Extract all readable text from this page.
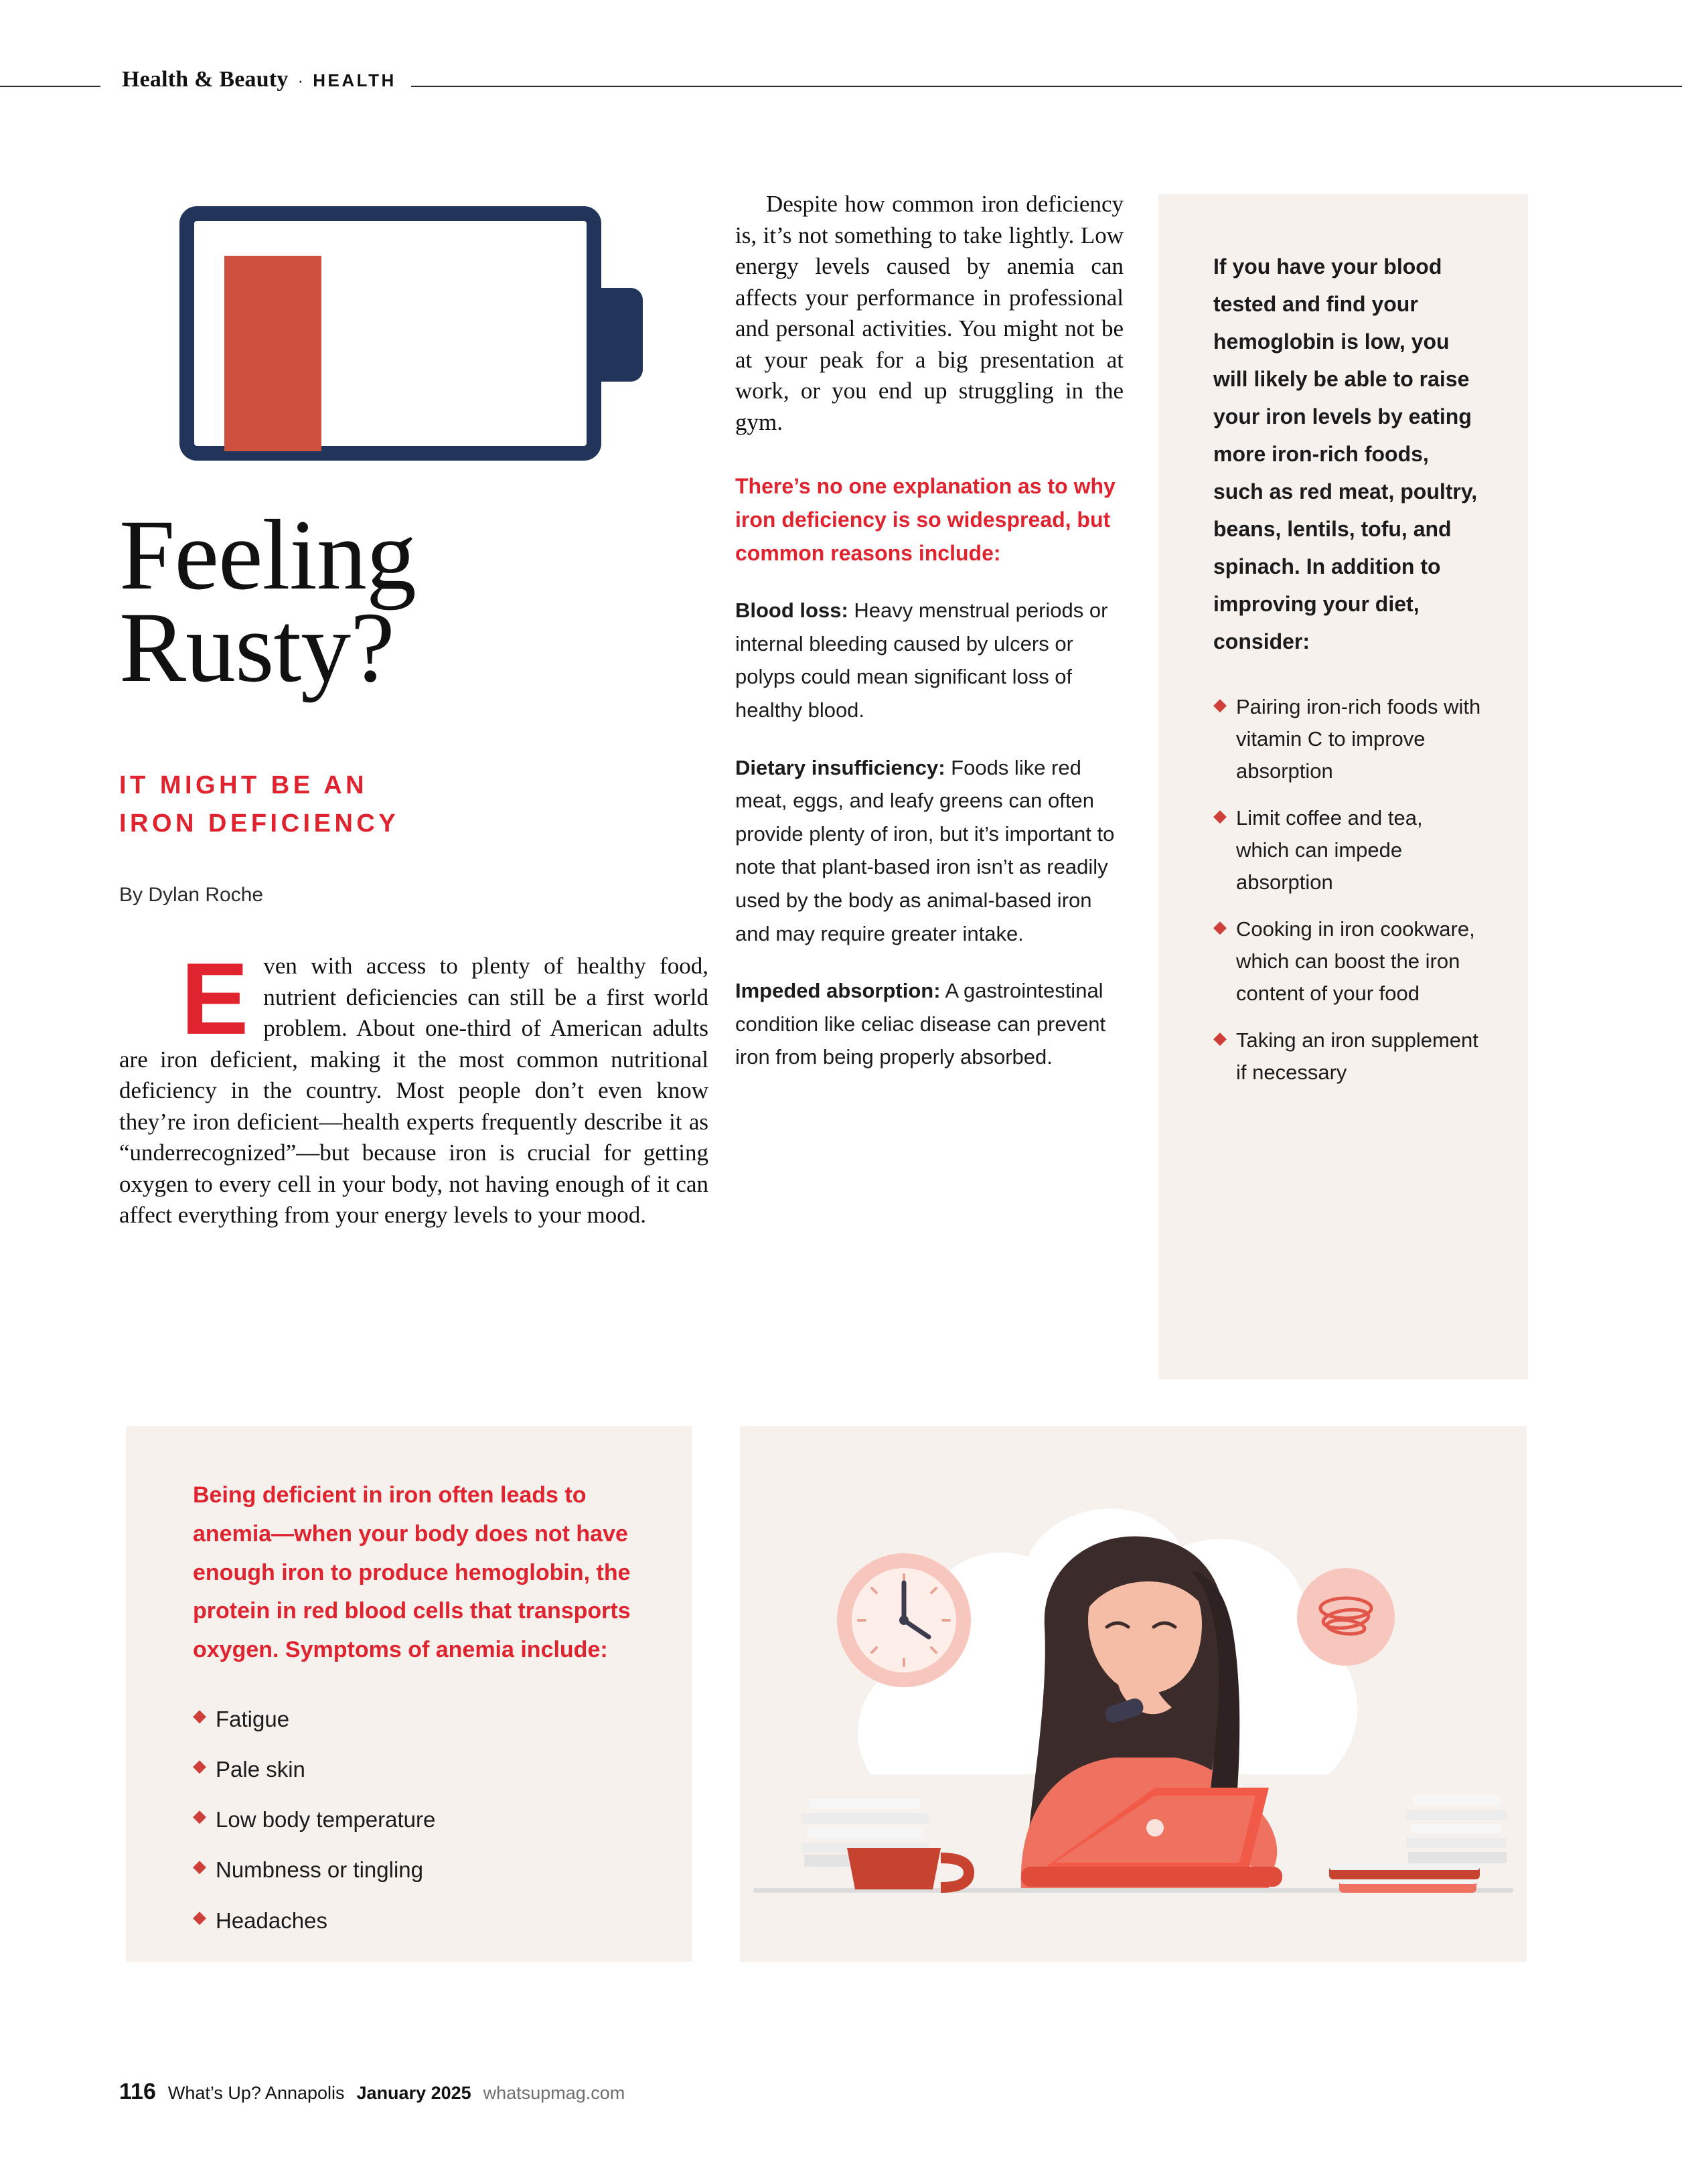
Health & Beauty · HEALTH
Feeling
Rusty?
IT MIGHT BE AN
IRON DEFICIENCY
By Dylan Roche
Even with access to plenty of healthy food, nutrient deficiencies can still be a first world problem. About one-third of American adults are iron deficient, making it the most common nutritional deficiency in the country. Most people don’t even know they’re iron deficient—health experts frequently describe it as “underrecognized”—but because iron is crucial for getting oxygen to every cell in your body, not having enough of it can affect everything from your energy levels to your mood.
Despite how common iron deficiency is, it’s not something to take lightly. Low energy levels caused by anemia can affects your performance in professional and personal activities. You might not be at your peak for a big presentation at work, or you end up struggling in the gym.
There’s no one explanation as to why iron deficiency is so widespread, but common reasons include:
Blood loss: Heavy menstrual periods or internal bleeding caused by ulcers or polyps could mean significant loss of healthy blood.
Dietary insufficiency: Foods like red meat, eggs, and leafy greens can often provide plenty of iron, but it’s important to note that plant-based iron isn’t as readily used by the body as animal-based iron and may require greater intake.
Impeded absorption: A gastrointestinal condition like celiac disease can prevent iron from being properly absorbed.
If you have your blood tested and find your hemoglobin is low, you will likely be able to raise your iron levels by eating more iron-rich foods, such as red meat, poultry, beans, lentils, tofu, and spinach. In addition to improving your diet, consider:
◆ Pairing iron-rich foods with vitamin C to improve absorption
◆ Limit coffee and tea, which can impede absorption
◆ Cooking in iron cookware, which can boost the iron content of your food
◆ Taking an iron supplement if necessary
Being deficient in iron often leads to anemia—when your body does not have enough iron to produce hemoglobin, the protein in red blood cells that transports oxygen. Symptoms of anemia include:
◆ Fatigue
◆ Pale skin
◆ Low body temperature
◆ Numbness or tingling
◆ Headaches
116 What’s Up? Annapolis January 2025 whatsupmag.com
